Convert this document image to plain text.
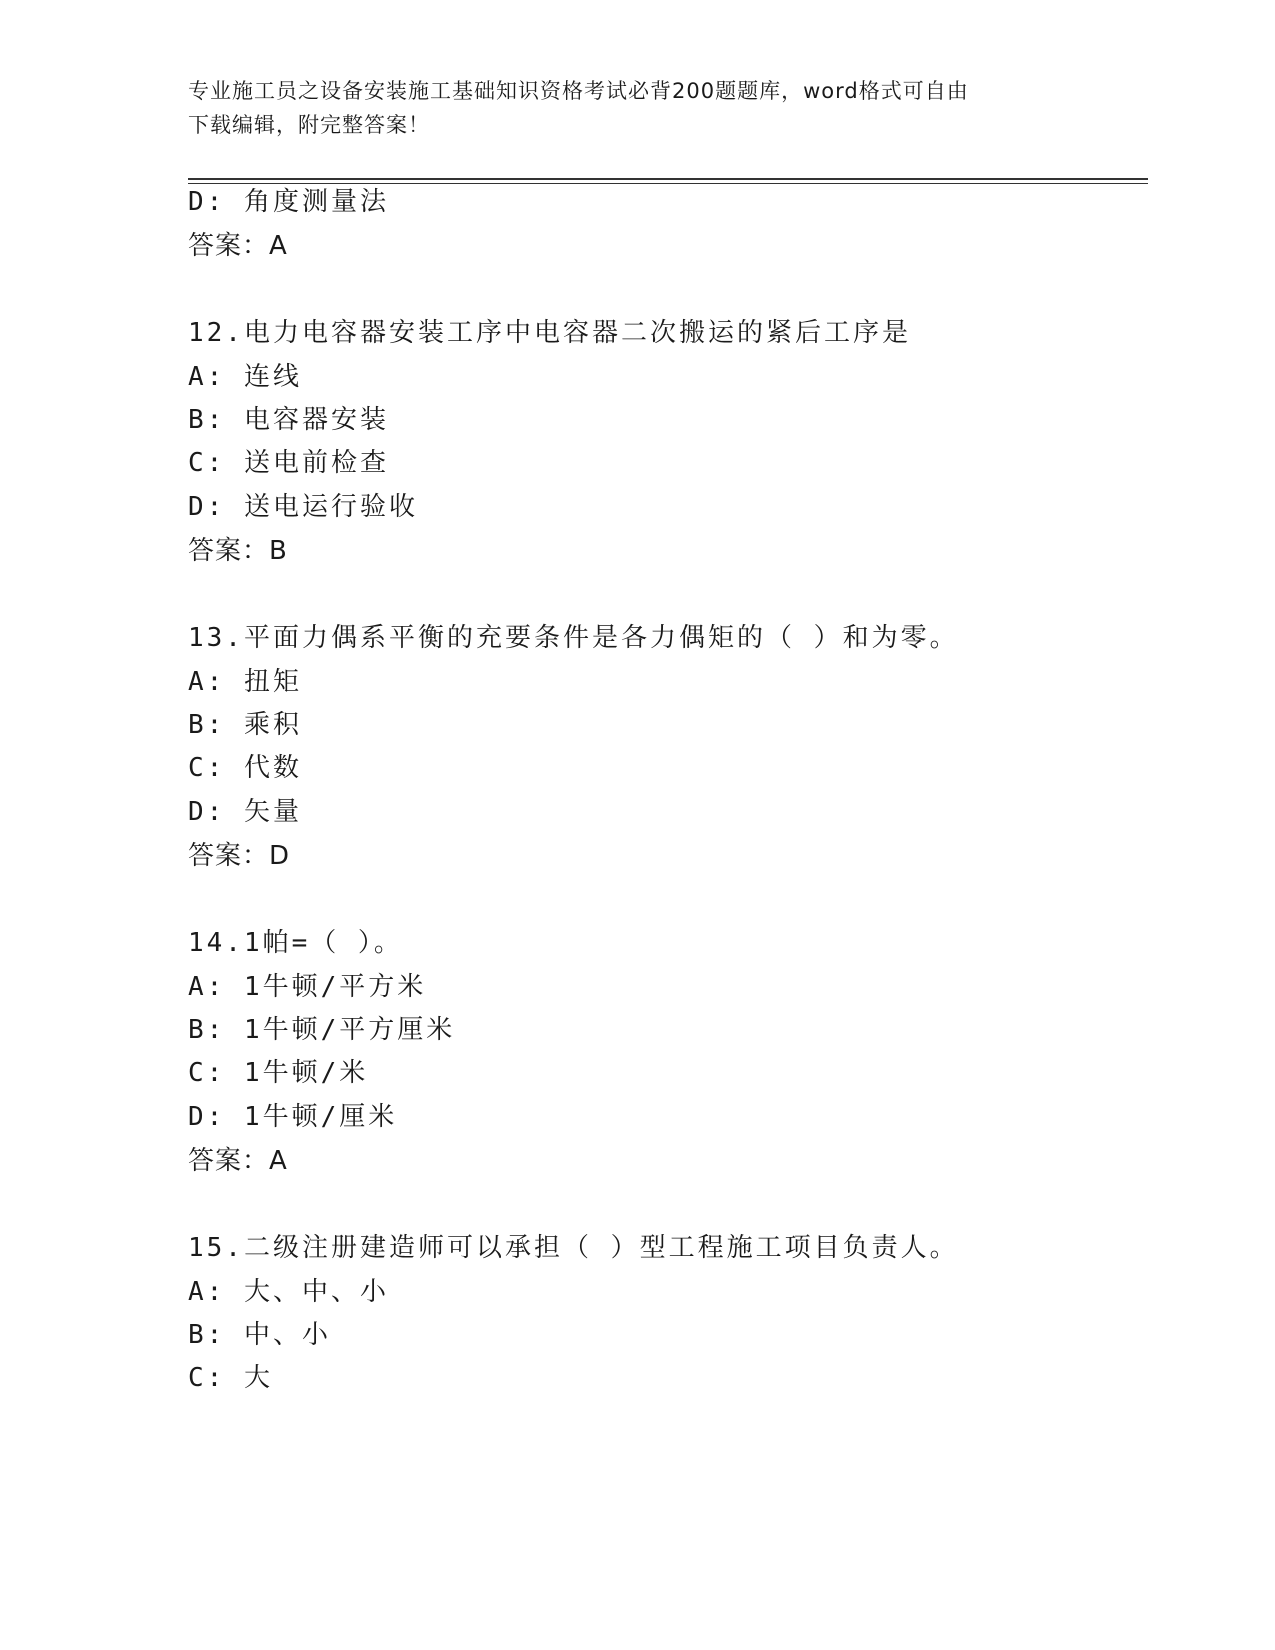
专业施工员之设备安装施工基础知识资格考试必背200题题库，word格式可自由
下载编辑，附完整答案！
D: 角度测量法
答案：A
12.电力电容器安装工序中电容器二次搬运的紧后工序是
A: 连线
B: 电容器安装
C: 送电前检查
D: 送电运行验收
答案：B
13.平面力偶系平衡的充要条件是各力偶矩的（ ）和为零。
A: 扭矩
B: 乘积
C: 代数
D: 矢量
答案：D
14.1帕=（ ）。
A: 1牛顿/平方米
B: 1牛顿/平方厘米
C: 1牛顿/米
D: 1牛顿/厘米
答案：A
15.二级注册建造师可以承担（ ）型工程施工项目负责人。
A: 大、中、小
B: 中、小
C: 大
